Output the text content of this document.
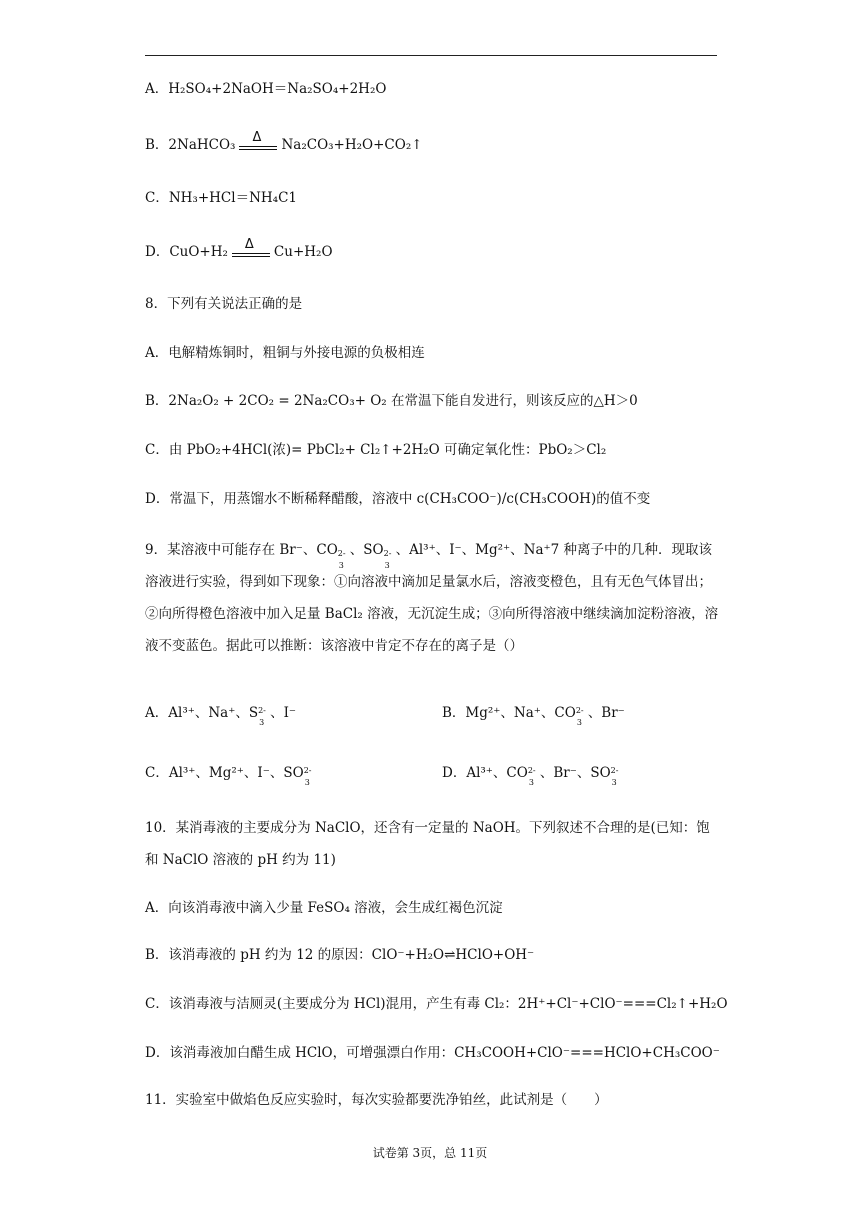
A．H₂SO₄+2NaOH＝Na₂SO₄+2H₂O
B．2NaHCO₃ Δ Na₂CO₃+H₂O+CO₂↑
C．NH₃+HCl＝NH₄C1
D．CuO+H₂ Δ Cu+H₂O
8．下列有关说法正确的是
A．电解精炼铜时，粗铜与外接电源的负极相连
B．2Na₂O₂ + 2CO₂ = 2Na₂CO₃+ O₂ 在常温下能自发进行，则该反应的△H＞0
C．由 PbO₂+4HCl(浓)= PbCl₂+ Cl₂↑+2H₂O 可确定氧化性：PbO₂＞Cl₂
D．常温下，用蒸馏水不断稀释醋酸，溶液中 c(CH₃COO⁻)/c(CH₃COOH)的值不变
9．某溶液中可能存在 Br⁻、CO 2-
3
、SO 2-
3
、Al³⁺、I⁻、Mg²⁺、Na⁺7 种离子中的几种．现取该溶液进行实验，得到如下现象：①向溶液中滴加足量氯水后，溶液变橙色，且有无色气体冒出；②向所得橙色溶液中加入足量 BaCl₂ 溶液，无沉淀生成；③向所得溶液中继续滴加淀粉溶液，溶液不变蓝色。据此可以推断：该溶液中肯定不存在的离子是（）
A．Al³⁺、Na⁺、S 2-
3
、I⁻	B．Mg²⁺、Na⁺、CO 2-
3
、Br⁻
C．Al³⁺、Mg²⁺、I⁻、SO 2-
3
D．Al³⁺、CO 2-
3
、Br⁻、SO 2-
3
10．某消毒液的主要成分为 NaClO，还含有一定量的 NaOH。下列叙述不合理的是(已知：饱和 NaClO 溶液的 pH 约为 11)
A．向该消毒液中滴入少量 FeSO₄ 溶液，会生成红褐色沉淀
B．该消毒液的 pH 约为 12 的原因：ClO⁻+H₂O⇌HClO+OH⁻
C．该消毒液与洁厕灵(主要成分为 HCl)混用，产生有毒 Cl₂：2H⁺+Cl⁻+ClO⁻===Cl₂↑+H₂O
D．该消毒液加白醋生成 HClO，可增强漂白作用：CH₃COOH+ClO⁻===HClO+CH₃COO⁻
11．实验室中做焰色反应实验时，每次实验都要洗净铂丝，此试剂是（　　）
试卷第 3页，总 11页
